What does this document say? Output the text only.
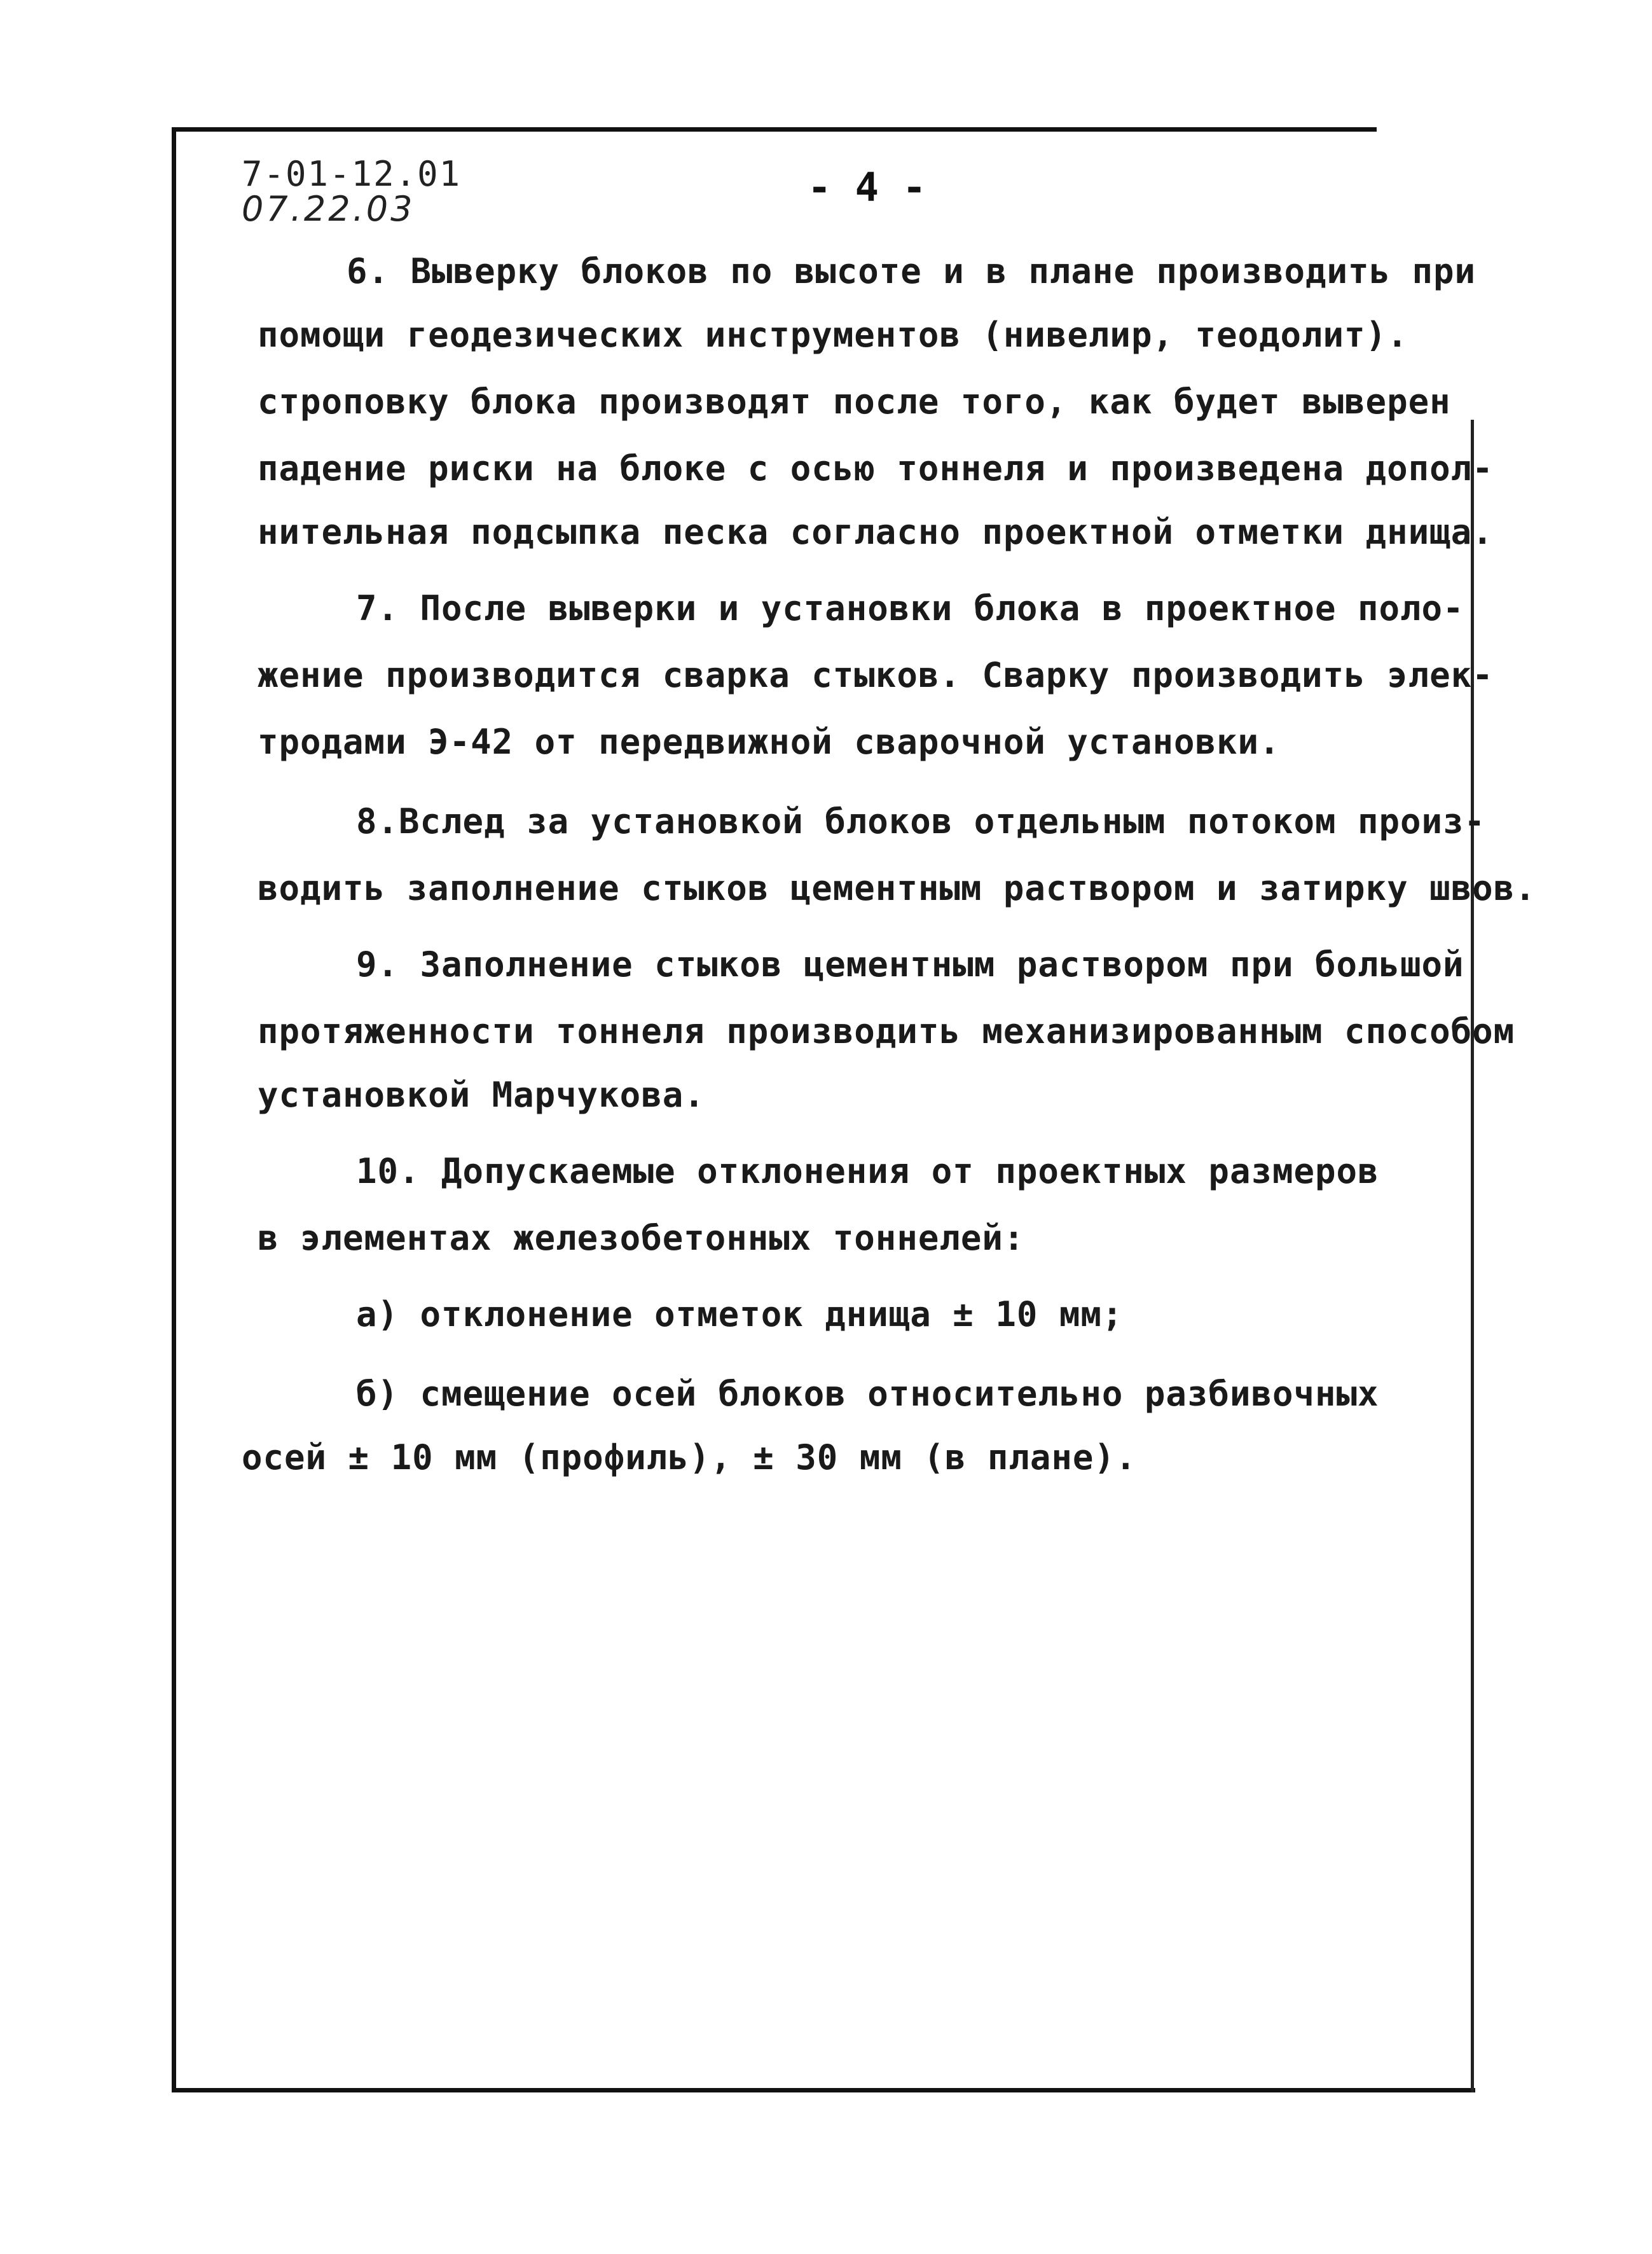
7-01-12.01
07.22.03	- 4 -
6. Выверку блоков по высоте и в плане производить при
помощи геодезических инструментов (нивелир, теодолит).
строповку блока производят после того, как будет выверен
падение риски на блоке с осью тоннеля и произведена допол-
нительная подсыпка песка согласно проектной отметки днища.
7. После выверки и установки блока в проектное поло-
жение производится сварка стыков. Сварку производить элек-
тродами Э-42 от передвижной сварочной установки.
8.Вслед за установкой блоков отдельным потоком произ-
водить заполнение стыков цементным раствором и затирку швов.
9. Заполнение стыков цементным раствором при большой
протяженности тоннеля производить механизированным способом
установкой Марчукова.
10. Допускаемые отклонения от проектных размеров
в элементах железобетонных тоннелей:
а) отклонение отметок днища ± 10 мм;
б) смещение осей блоков относительно разбивочных
осей ± 10 мм (профиль), ± 30 мм (в плане).
